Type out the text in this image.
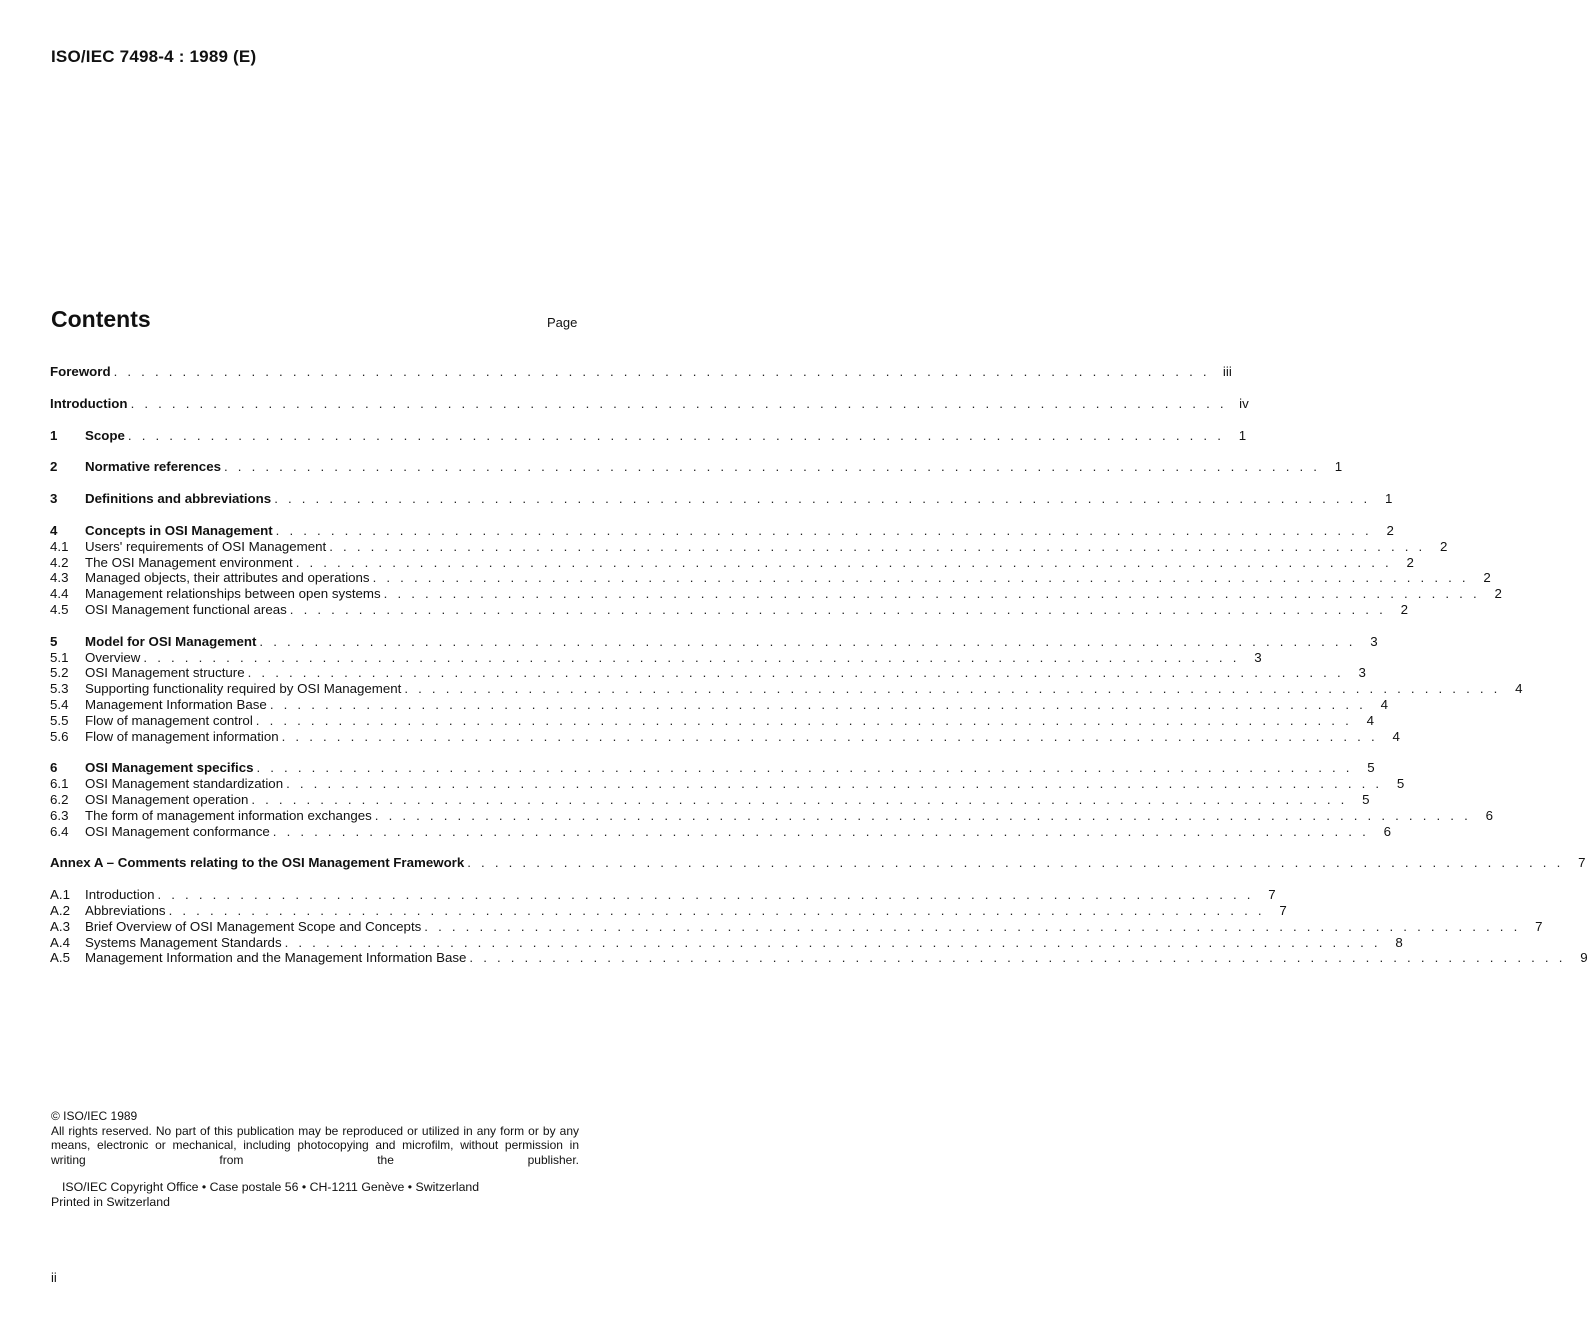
ISO/IEC 7498-4 : 1989 (E)
Contents	Page
Foreword . . . . . . . . . . . . . . . . . . . . . . . . . . . . . . . . . . . . . . . . . . . . . . . . . . . . . . . . . . . . . . . . . . . . . . . . . . . . . . . . iii
Introduction . . . . . . . . . . . . . . . . . . . . . . . . . . . . . . . . . . . . . . . . . . . . . . . . . . . . . . . . . . . . . . . . . . . . . . . . . . . . . . . . iv
1	Scope . . . . . . . . . . . . . . . . . . . . . . . . . . . . . . . . . . . . . . . . . . . . . . . . . . . . . . . . . . . . . . . . . . . . . . . . . . . . . . . .	1
2	Normative references . . . . . . . . . . . . . . . . . . . . . . . . . . . . . . . . . . . . . . . . . . . . . . . . . . . . . . . . . . . . . . . . . . . . . . . . . . . . . . . .	1
3	Definitions and abbreviations . . . . . . . . . . . . . . . . . . . . . . . . . . . . . . . . . . . . . . . . . . . . . . . . . . . . . . . . . . . . . . . . . . . . . . . . . . . . . . . .	1
4	Concepts in OSI Management . . . . . . . . . . . . . . . . . . . . . . . . . . . . . . . . . . . . . . . . . . . . . . . . . . . . . . . . . . . . . . . . . . . . . . . . . . . . . . . .	2
4.1	Users' requirements of OSI Management . . . . . . . . . . . . . . . . . . . . . . . . . . . . . . . . . . . . . . . . . . . . . . . . . . . . . . . . . . . . . . . . . . . . . . . . . . . . . . . .	2
4.2	The OSI Management environment . . . . . . . . . . . . . . . . . . . . . . . . . . . . . . . . . . . . . . . . . . . . . . . . . . . . . . . . . . . . . . . . . . . . . . . . . . . . . . . .	2
4.3	Managed objects, their attributes and operations . . . . . . . . . . . . . . . . . . . . . . . . . . . . . . . . . . . . . . . . . . . . . . . . . . . . . . . . . . . . . . . . . . . . . . . . . . . . . . . .	2
4.4	Management relationships between open systems . . . . . . . . . . . . . . . . . . . . . . . . . . . . . . . . . . . . . . . . . . . . . . . . . . . . . . . . . . . . . . . . . . . . . . . . . . . . . . . .	2
4.5	OSI Management functional areas . . . . . . . . . . . . . . . . . . . . . . . . . . . . . . . . . . . . . . . . . . . . . . . . . . . . . . . . . . . . . . . . . . . . . . . . . . . . . . . .	2
5	Model for OSI Management . . . . . . . . . . . . . . . . . . . . . . . . . . . . . . . . . . . . . . . . . . . . . . . . . . . . . . . . . . . . . . . . . . . . . . . . . . . . . . . .	3
5.1	Overview . . . . . . . . . . . . . . . . . . . . . . . . . . . . . . . . . . . . . . . . . . . . . . . . . . . . . . . . . . . . . . . . . . . . . . . . . . . . . . . .	3
5.2	OSI Management structure . . . . . . . . . . . . . . . . . . . . . . . . . . . . . . . . . . . . . . . . . . . . . . . . . . . . . . . . . . . . . . . . . . . . . . . . . . . . . . . .	3
5.3	Supporting functionality required by OSI Management . . . . . . . . . . . . . . . . . . . . . . . . . . . . . . . . . . . . . . . . . . . . . . . . . . . . . . . . . . . . . . . . . . . . . . . . . . . . . . . .	4
5.4	Management Information Base . . . . . . . . . . . . . . . . . . . . . . . . . . . . . . . . . . . . . . . . . . . . . . . . . . . . . . . . . . . . . . . . . . . . . . . . . . . . . . . .	4
5.5	Flow of management control . . . . . . . . . . . . . . . . . . . . . . . . . . . . . . . . . . . . . . . . . . . . . . . . . . . . . . . . . . . . . . . . . . . . . . . . . . . . . . . .	4
5.6	Flow of management information . . . . . . . . . . . . . . . . . . . . . . . . . . . . . . . . . . . . . . . . . . . . . . . . . . . . . . . . . . . . . . . . . . . . . . . . . . . . . . . .	4
6	OSI Management specifics . . . . . . . . . . . . . . . . . . . . . . . . . . . . . . . . . . . . . . . . . . . . . . . . . . . . . . . . . . . . . . . . . . . . . . . . . . . . . . . .	5
6.1	OSI Management standardization . . . . . . . . . . . . . . . . . . . . . . . . . . . . . . . . . . . . . . . . . . . . . . . . . . . . . . . . . . . . . . . . . . . . . . . . . . . . . . . .	5
6.2	OSI Management operation . . . . . . . . . . . . . . . . . . . . . . . . . . . . . . . . . . . . . . . . . . . . . . . . . . . . . . . . . . . . . . . . . . . . . . . . . . . . . . . .	5
6.3	The form of management information exchanges . . . . . . . . . . . . . . . . . . . . . . . . . . . . . . . . . . . . . . . . . . . . . . . . . . . . . . . . . . . . . . . . . . . . . . . . . . . . . . . .	6
6.4	OSI Management conformance . . . . . . . . . . . . . . . . . . . . . . . . . . . . . . . . . . . . . . . . . . . . . . . . . . . . . . . . . . . . . . . . . . . . . . . . . . . . . . . .	6
Annex A – Comments relating to the OSI Management Framework . . . . . . . . . . . . . . . . . . . . . . . . . . . . . . . . . . . . . . . . . . . . . . . . . . . . . . . . . . . . . . . . . . . . . . . . . . . . . . . .	7
A.1	Introduction . . . . . . . . . . . . . . . . . . . . . . . . . . . . . . . . . . . . . . . . . . . . . . . . . . . . . . . . . . . . . . . . . . . . . . . . . . . . . . . .	7
A.2	Abbreviations . . . . . . . . . . . . . . . . . . . . . . . . . . . . . . . . . . . . . . . . . . . . . . . . . . . . . . . . . . . . . . . . . . . . . . . . . . . . . . . .	7
A.3	Brief Overview of OSI Management Scope and Concepts . . . . . . . . . . . . . . . . . . . . . . . . . . . . . . . . . . . . . . . . . . . . . . . . . . . . . . . . . . . . . . . . . . . . . . . . . . . . . . . .	7
A.4	Systems Management Standards . . . . . . . . . . . . . . . . . . . . . . . . . . . . . . . . . . . . . . . . . . . . . . . . . . . . . . . . . . . . . . . . . . . . . . . . . . . . . . . .	8
A.5	Management Information and the Management Information Base . . . . . . . . . . . . . . . . . . . . . . . . . . . . . . . . . . . . . . . . . . . . . . . . . . . . . . . . . . . . . . . . . . . . . . . . . . . . . . . .	9

© ISO/IEC 1989

All rights reserved. No part of this publication may be reproduced or utilized in any form or by any means, electronic or mechanical, including photocopying and microfilm, without permission in writing from the publisher.

ISO/IEC Copyright Office • Case postale 56 • CH-1211 Genève • Switzerland
Printed in Switzerland
ii
